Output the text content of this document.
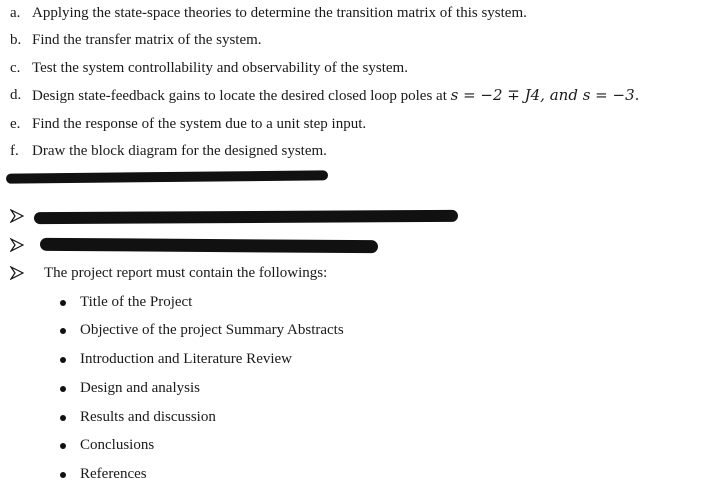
a. Applying the state-space theories to determine the transition matrix of this system.
b. Find the transfer matrix of the system.
c. Test the system controllability and observability of the system.
d. Design state-feedback gains to locate the desired closed loop poles at s = −2 ∓ J4, and s = −3.
e. Find the response of the system due to a unit step input.
f. Draw the block diagram for the designed system.
The project report must contain the followings:
Title of the Project
Objective of the project Summary Abstracts
Introduction and Literature Review
Design and analysis
Results and discussion
Conclusions
References
